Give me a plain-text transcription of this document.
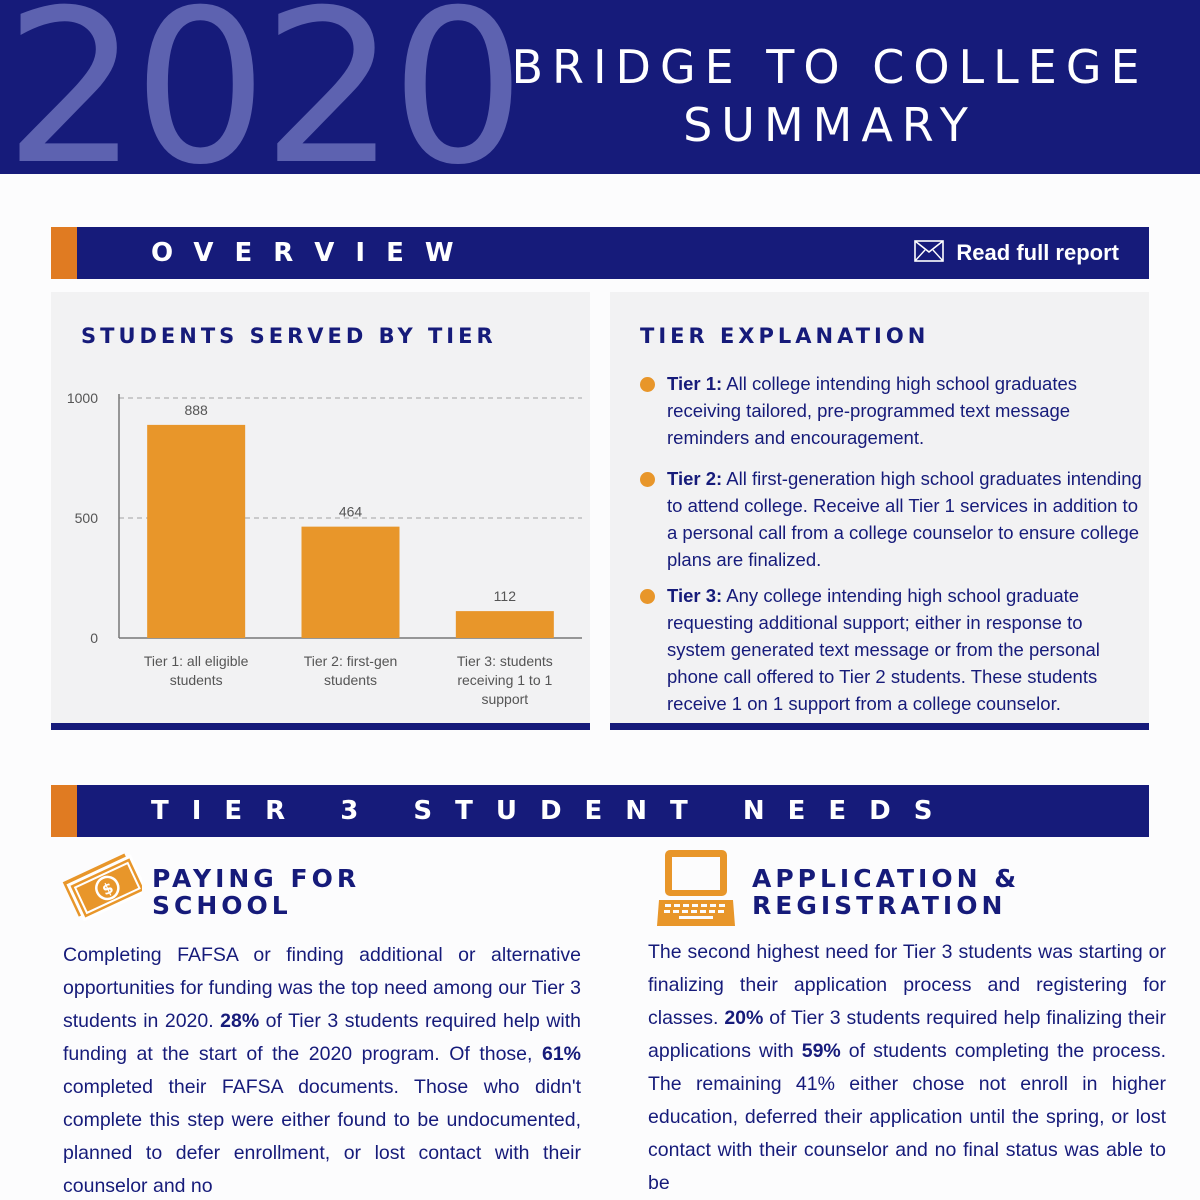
2020
BRIDGE TO COLLEGE
SUMMARY
OVERVIEW	Read full report
STUDENTS SERVED BY TIER
0
500
1000
888
Tier 1: all eligible students
464
Tier 2: first-gen students
112
Tier 3: students receiving 1 to 1 support
TIER EXPLANATION
Tier 1: All college intending high school graduates receiving tailored, pre-programmed text message reminders and encouragement.
Tier 2: All first-generation high school graduates intending to attend college. Receive all Tier 1 services in addition to a personal call from a college counselor to ensure college plans are finalized.
Tier 3: Any college intending high school graduate requesting additional support; either in response to system generated text message or from the personal phone call offered to Tier 2 students. These students receive 1 on 1 support from a college counselor.
TIER 3 STUDENT NEEDS
$ PAYING FOR
SCHOOL
Completing FAFSA or finding additional or alternative opportunities for funding was the top need among our Tier 3 students in 2020. 28% of Tier 3 students required help with funding at the start of the 2020 program. Of those, 61% completed their FAFSA documents. Those who didn't complete this step were either found to be undocumented, planned to defer enrollment, or lost contact with their counselor and no
APPLICATION &
REGISTRATION
The second highest need for Tier 3 students was starting or finalizing their application process and registering for classes. 20% of Tier 3 students required help finalizing their applications with 59% of students completing the process. The remaining 41% either chose not enroll in higher education, deferred their application until the spring, or lost contact with their counselor and no final status was able to be
